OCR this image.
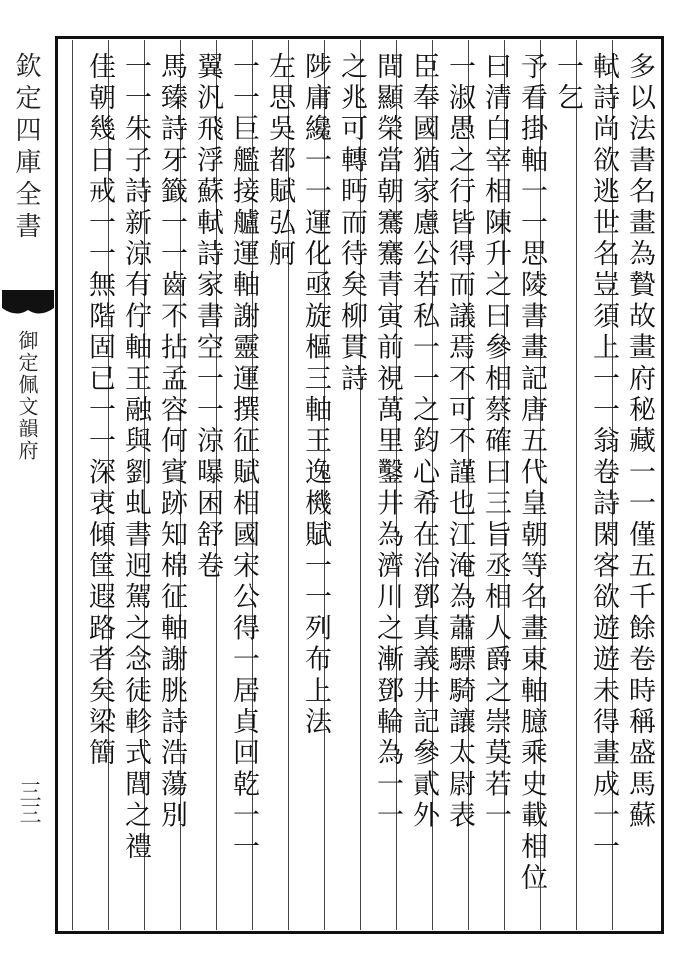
欽定四庫全書
御定佩文韻府
三三	多以法書名畫為贄故畫府秘藏一一僅五千餘卷時稱盛馬蘇
軾詩尚欲逃世名豈須上一一翁卷詩閑客欲遊遊未得畫成一一
一乞
予看掛軸一一思陵書畫記唐五代皇朝等名畫東軸臆乘史載相位
曰清白宰相陳升之曰參相蔡確曰三旨丞相人爵之崇莫若一
一淑愚之行皆得而議焉不可不謹也江淹為蕭驃騎讓太尉表
臣奉國猶家慮公若私一一之鈞心希在治鄧真義井記參貳外
間顯榮當朝騫騫青寅前視萬里鑿井為濟川之漸鄧輪為一一
之兆可轉眄而待矣柳貫詩
陟庸纔一一運化亟旋樞三軸王逸機賦一一列布上法
左思吳都賦弘舸
一一巨艦接艫運軸謝靈運撰征賦相國宋公得一居貞回乾一一
翼汎飛浮蘇軾詩家書空一一涼曝困舒卷
馬臻詩牙籤一一齒不拈孟容何賓跡知棉征軸謝朓詩浩蕩別
一一朱子詩新涼有佇軸王融與劉虬書迥駕之念徒軫式閭之禮
佳朝幾日戒一一無階固已一一深衷傾筐遐路者矣梁簡
